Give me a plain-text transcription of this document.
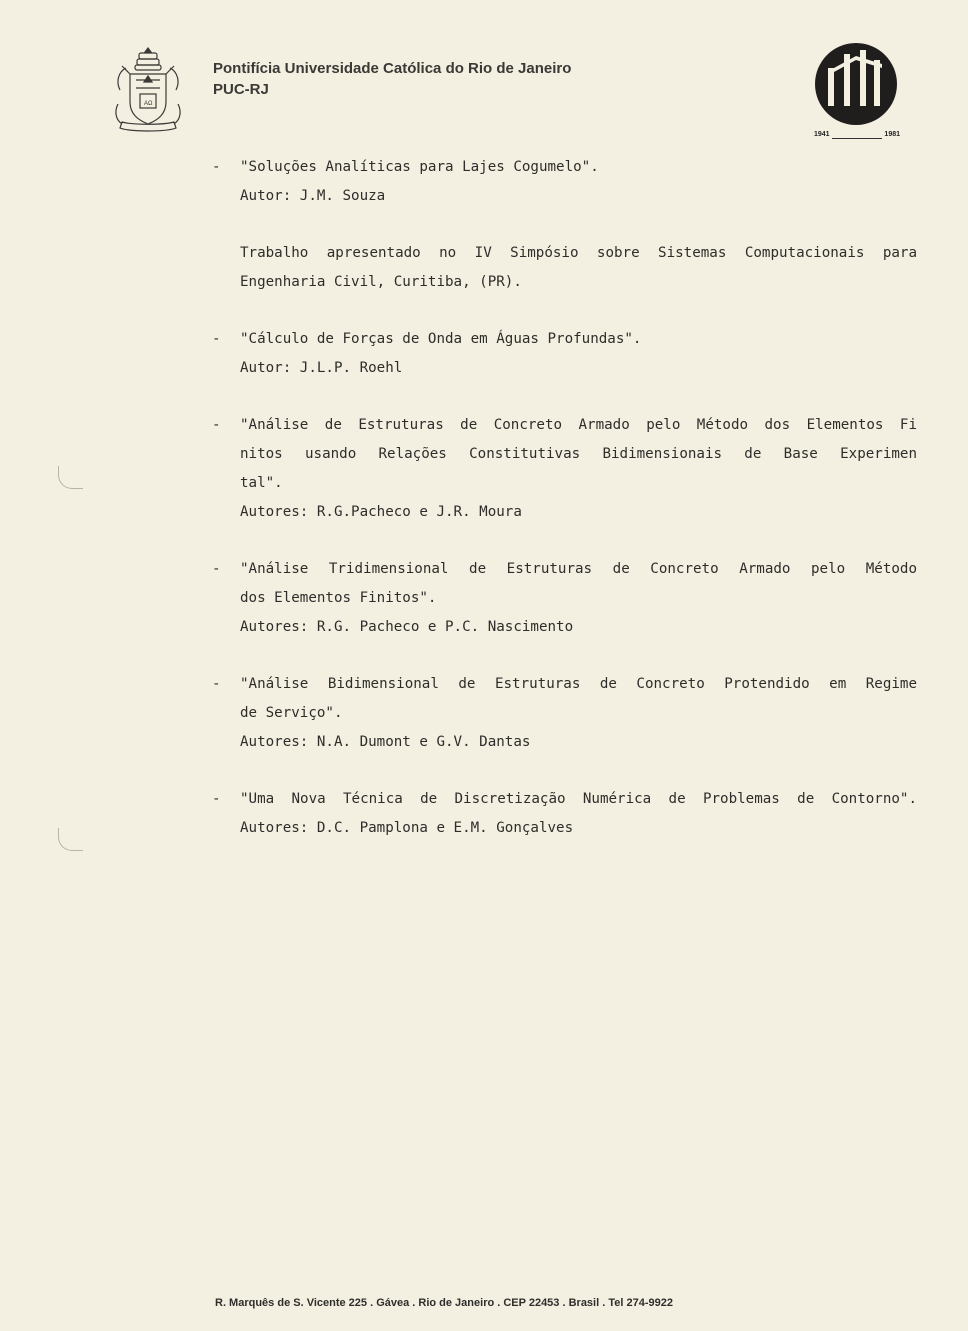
AΩ
Pontifícia Universidade Católica do Rio de Janeiro
PUC-RJ
1941	1981
- "Soluções Analíticas para Lajes Cogumelo".
Autor: J.M. Souza
Trabalho apresentado no IV Simpósio sobre Sistemas Computacionais para
Engenharia Civil, Curitiba, (PR).
- "Cálculo de Forças de Onda em Águas Profundas".
Autor: J.L.P. Roehl
- "Análise de Estruturas de Concreto Armado pelo Método dos Elementos Fi
nitos usando Relações Constitutivas Bidimensionais de Base Experimen
tal".
Autores: R.G.Pacheco e J.R. Moura
- "Análise Tridimensional de Estruturas de Concreto Armado pelo Método
dos Elementos Finitos".
Autores: R.G. Pacheco e P.C. Nascimento
- "Análise Bidimensional de Estruturas de Concreto Protendido em Regime
de Serviço".
Autores: N.A. Dumont e G.V. Dantas
- "Uma Nova Técnica de Discretização Numérica de Problemas de Contorno".
Autores: D.C. Pamplona e E.M. Gonçalves
R. Marquês de S. Vicente 225 . Gávea . Rio de Janeiro . CEP 22453 . Brasil . Tel 274-9922
